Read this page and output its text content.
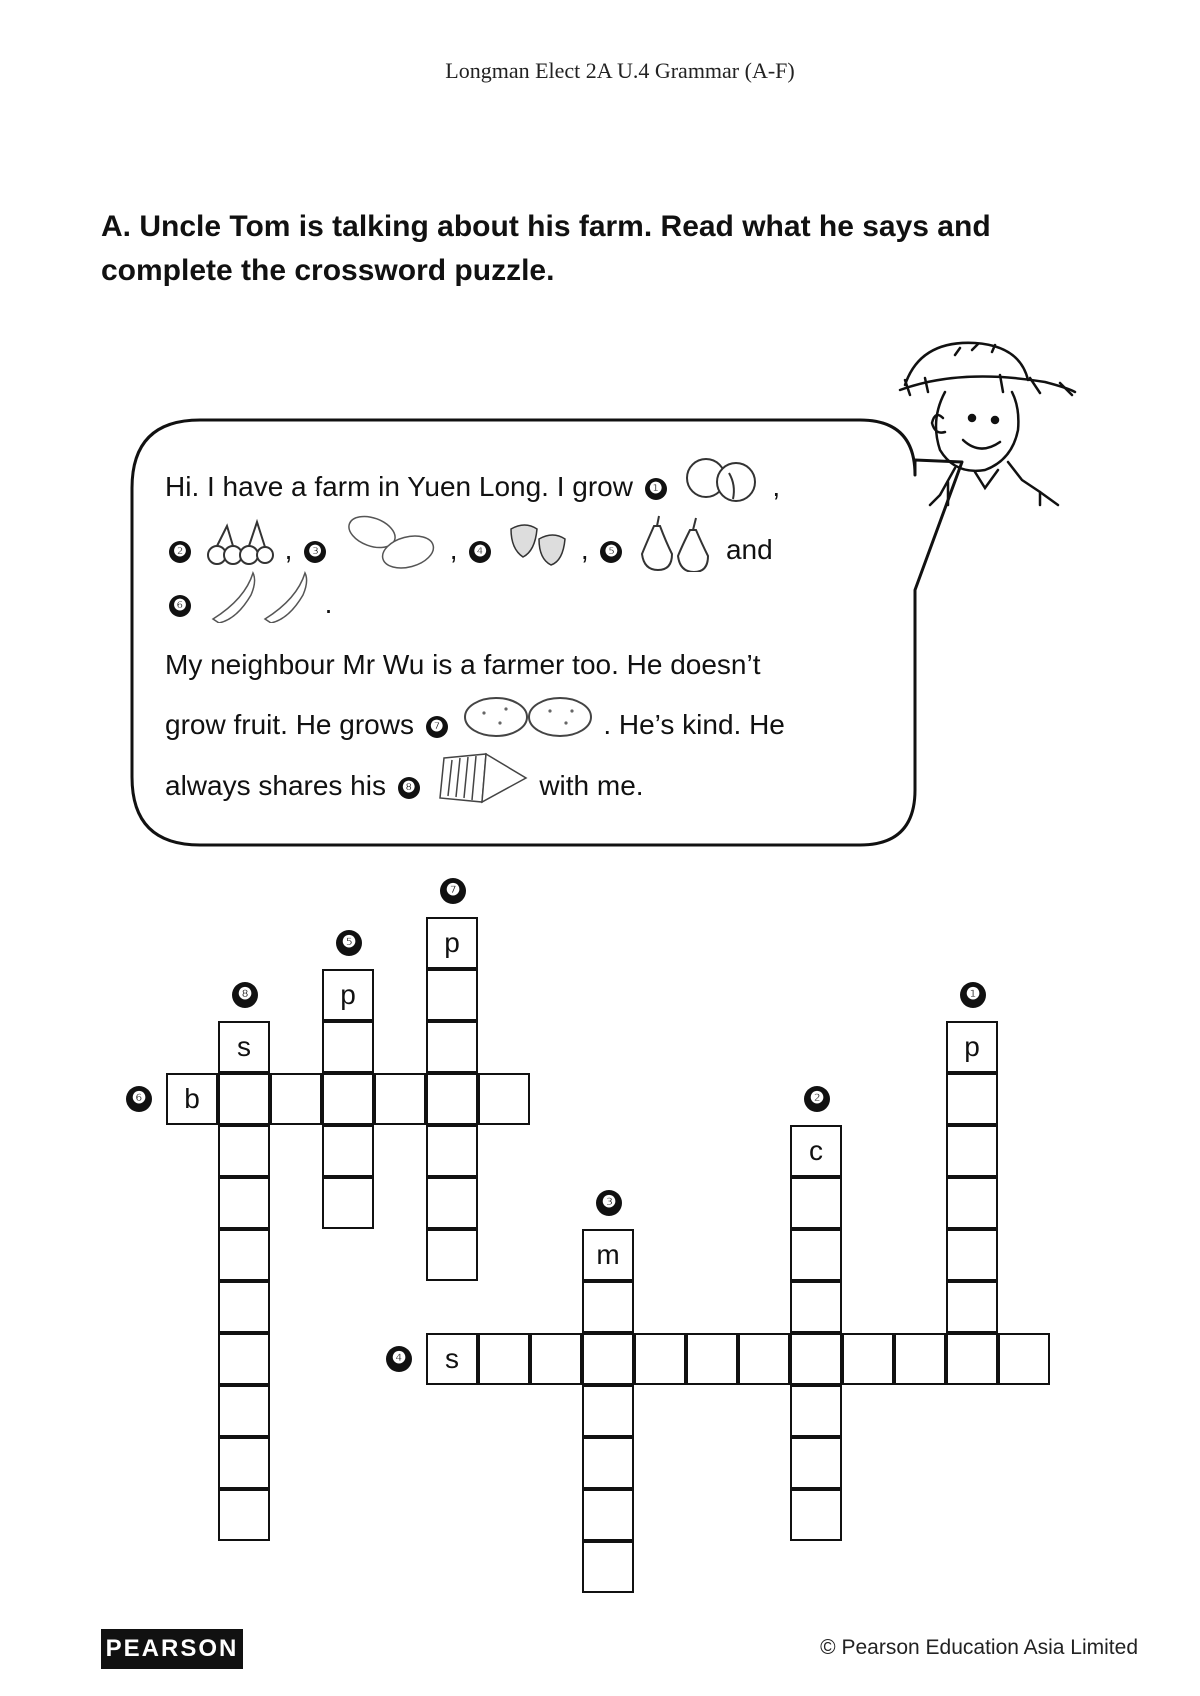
Longman Elect 2A U.4 Grammar (A-F)
A. Uncle Tom is talking about his farm. Read what he says and
complete the crossword puzzle.
Hi. I have a farm in Yuen Long. I grow ❶	,
❷	, ❸	, ❹	, ❺	and
❻	.
My neighbour Mr Wu is a farmer too. He doesn’t
grow fruit. He grows ❼	. He’s kind. He
always shares his ❽	with me.
b
s
s
p
p
m
c
p
❻
❹
❽
❺
❼
❸
❷
❶
PEARSON	© Pearson Education Asia Limited
